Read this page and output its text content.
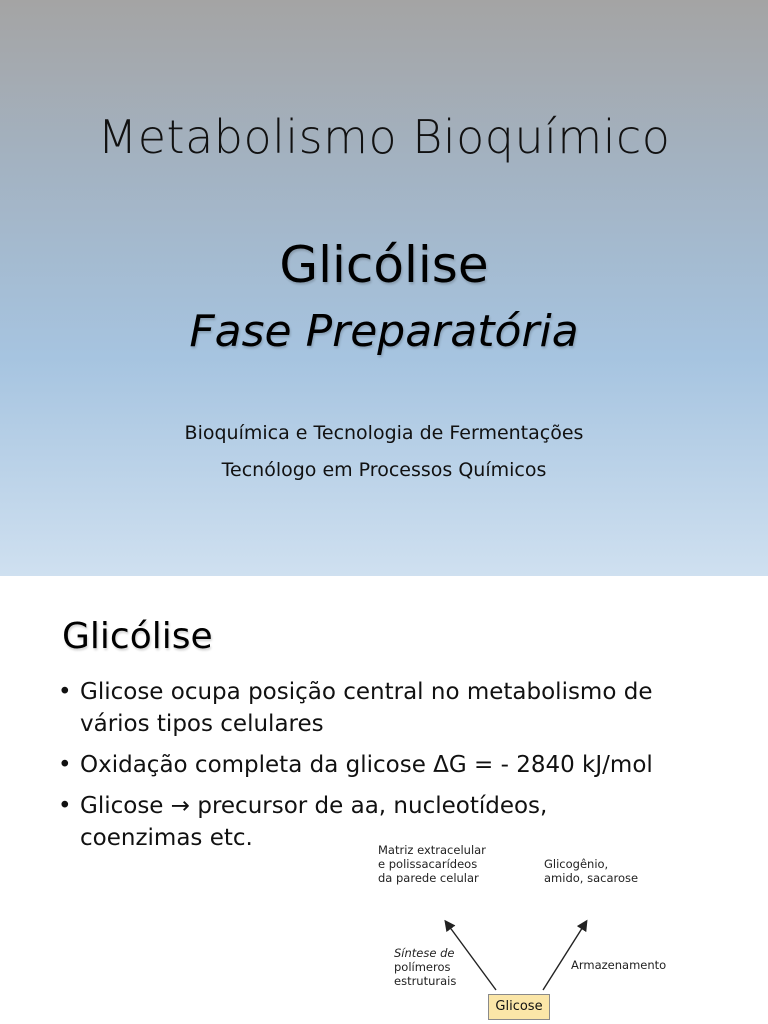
Metabolismo Bioquímico
Glicólise
Fase Preparatória
Bioquímica e Tecnologia de Fermentações
Tecnólogo em Processos Químicos
Glicólise
• Glicose ocupa posição central no metabolismo de
vários tipos celulares
• Oxidação completa da glicose ΔG = - 2840 kJ/mol
• Glicose → precursor de aa, nucleotídeos,
coenzimas etc.	Matriz extracelular
e polissacarídeos
da parede celular
Glicogênio,
amido, sacarose
Síntese de
polímeros
estruturais
Armazenamento
Glicose
